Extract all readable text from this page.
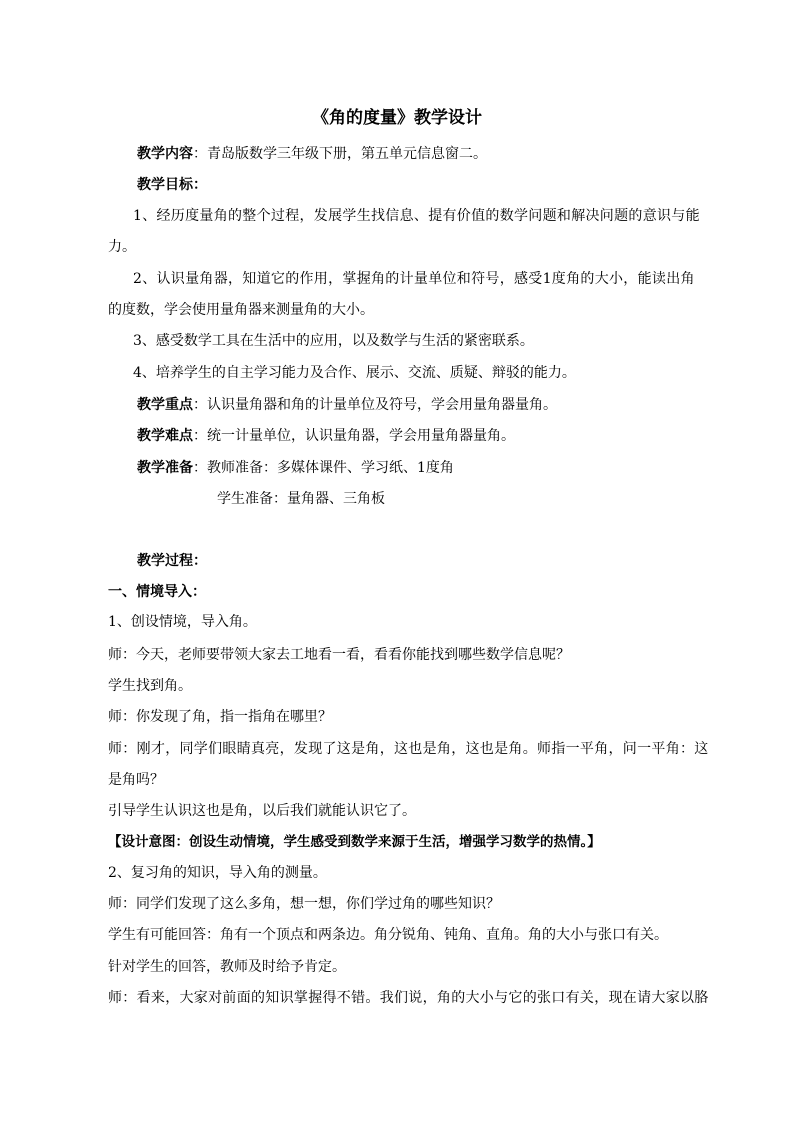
《角的度量》教学设计
教学内容：青岛版数学三年级下册，第五单元信息窗二。
教学目标：
1、经历度量角的整个过程，发展学生找信息、提有价值的数学问题和解决问题的意识与能
力。
2、认识量角器，知道它的作用，掌握角的计量单位和符号，感受1度角的大小，能读出角
的度数，学会使用量角器来测量角的大小。
3、感受数学工具在生活中的应用，以及数学与生活的紧密联系。
4、培养学生的自主学习能力及合作、展示、交流、质疑、辩驳的能力。
教学重点：认识量角器和角的计量单位及符号，学会用量角器量角。
教学难点：统一计量单位，认识量角器，学会用量角器量角。
教学准备：教师准备：多媒体课件、学习纸、1度角
学生准备：量角器、三角板
教学过程：
一、情境导入：
1、创设情境，导入角。
师：今天，老师要带领大家去工地看一看，看看你能找到哪些数学信息呢？
学生找到角。
师：你发现了角，指一指角在哪里？
师：刚才，同学们眼睛真亮，发现了这是角，这也是角，这也是角。师指一平角，问一平角：这
是角吗？
引导学生认识这也是角，以后我们就能认识它了。
【设计意图：创设生动情境，学生感受到数学来源于生活，增强学习数学的热情。】
2、复习角的知识，导入角的测量。
师：同学们发现了这么多角，想一想，你们学过角的哪些知识？
学生有可能回答：角有一个顶点和两条边。角分锐角、钝角、直角。角的大小与张口有关。
针对学生的回答，教师及时给予肯定。
师：看来，大家对前面的知识掌握得不错。我们说，角的大小与它的张口有关，现在请大家以胳
